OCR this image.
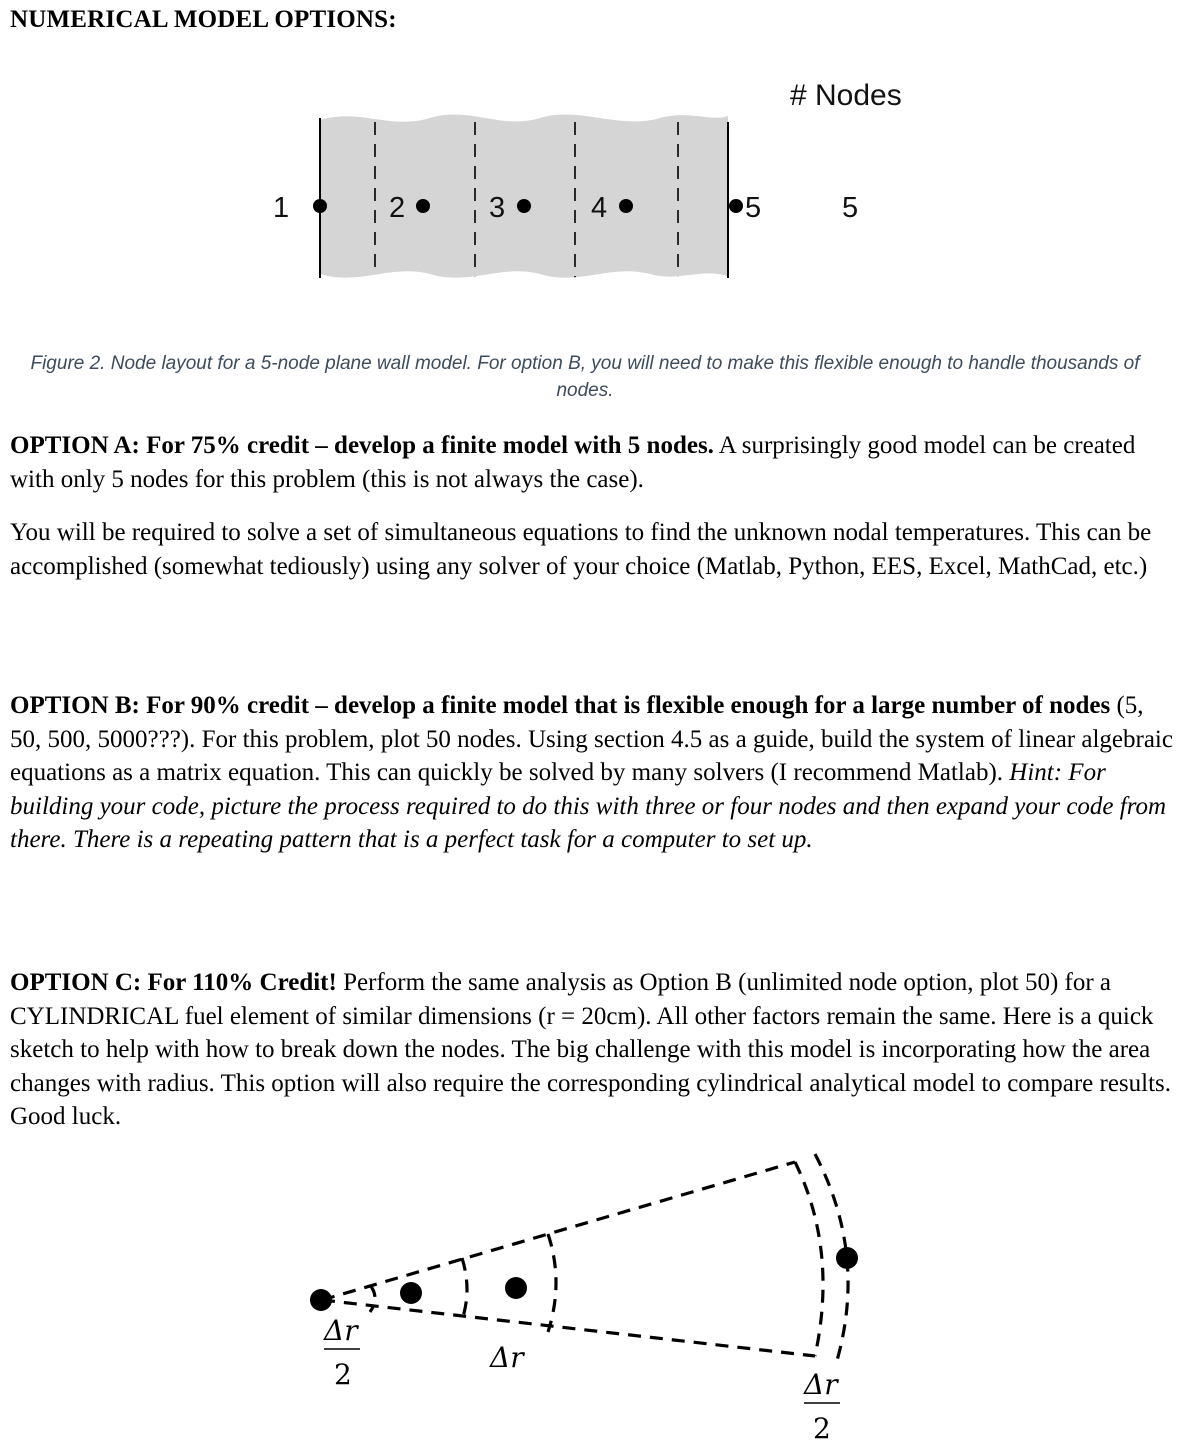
NUMERICAL MODEL OPTIONS:
1	2	3	4	5
# Nodes
5
Figure 2. Node layout for a 5-node plane wall model. For option B, you will need to make this flexible enough to handle thousands of nodes.

OPTION A: For 75% credit – develop a finite model with 5 nodes. A surprisingly good model can be created with only 5 nodes for this problem (this is not always the case).

You will be required to solve a set of simultaneous equations to find the unknown nodal temperatures. This can be accomplished (somewhat tediously) using any solver of your choice (Matlab, Python, EES, Excel, MathCad, etc.)

OPTION B: For 90% credit – develop a finite model that is flexible enough for a large number of nodes (5, 50, 500, 5000???). For this problem, plot 50 nodes. Using section 4.5 as a guide, build the system of linear algebraic equations as a matrix equation. This can quickly be solved by many solvers (I recommend Matlab). Hint: For building your code, picture the process required to do this with three or four nodes and then expand your code from there. There is a repeating pattern that is a perfect task for a computer to set up.

OPTION C: For 110% Credit! Perform the same analysis as Option B (unlimited node option, plot 50) for a CYLINDRICAL fuel element of similar dimensions (r = 20cm). All other factors remain the same. Here is a quick sketch to help with how to break down the nodes. The big challenge with this model is incorporating how the area changes with radius. This option will also require the corresponding cylindrical analytical model to compare results. Good luck.

Δr
2
Δr
Δr
2
